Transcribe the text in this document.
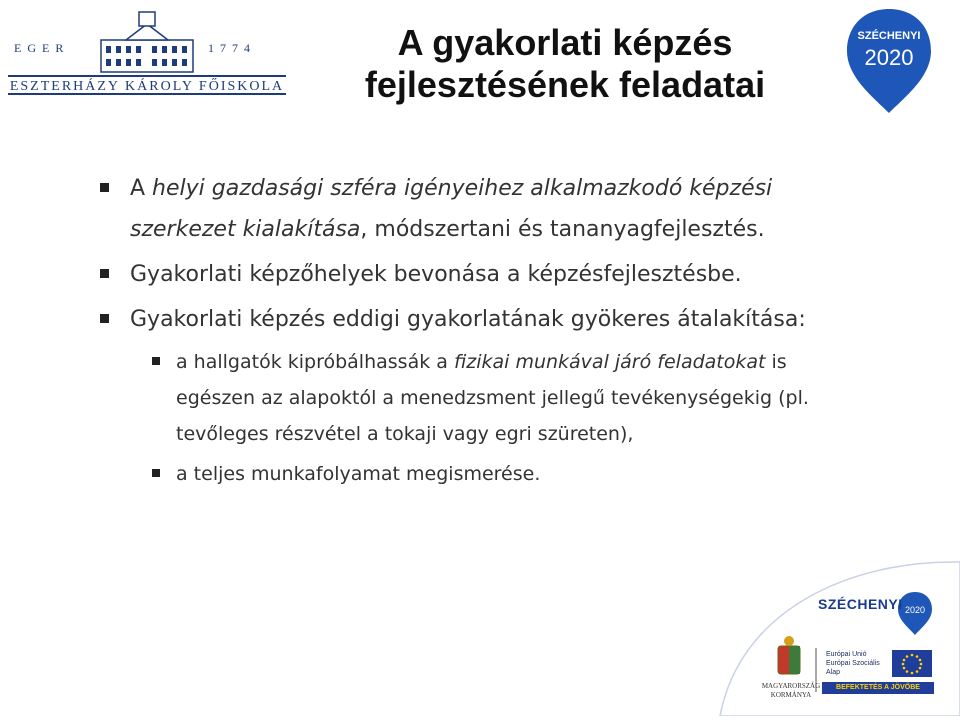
EGER	1774
ESZTERHÁZY KÁROLY FŐISKOLA
A gyakorlati képzés
fejlesztésének feladatai
SZÉCHENYI
2020
A helyi gazdasági szféra igényeihez alkalmazkodó képzési szerkezet kialakítása, módszertani és tananyagfejlesztés.
Gyakorlati képzőhelyek bevonása a képzésfejlesztésbe.
Gyakorlati képzés eddigi gyakorlatának gyökeres átalakítása:
a hallgatók kipróbálhassák a fizikai munkával járó feladatokat is egészen az alapoktól a menedzsment jellegű tevékenységekig (pl. tevőleges részvétel a tokaji vagy egri szüreten),
a teljes munkafolyamat megismerése.
2020
SZÉCHENYI
MAGYARORSZÁG
KORMÁNYA
Európai Unió
Európai Szociális
Alap
BEFEKTETÉS A JÖVŐBE
